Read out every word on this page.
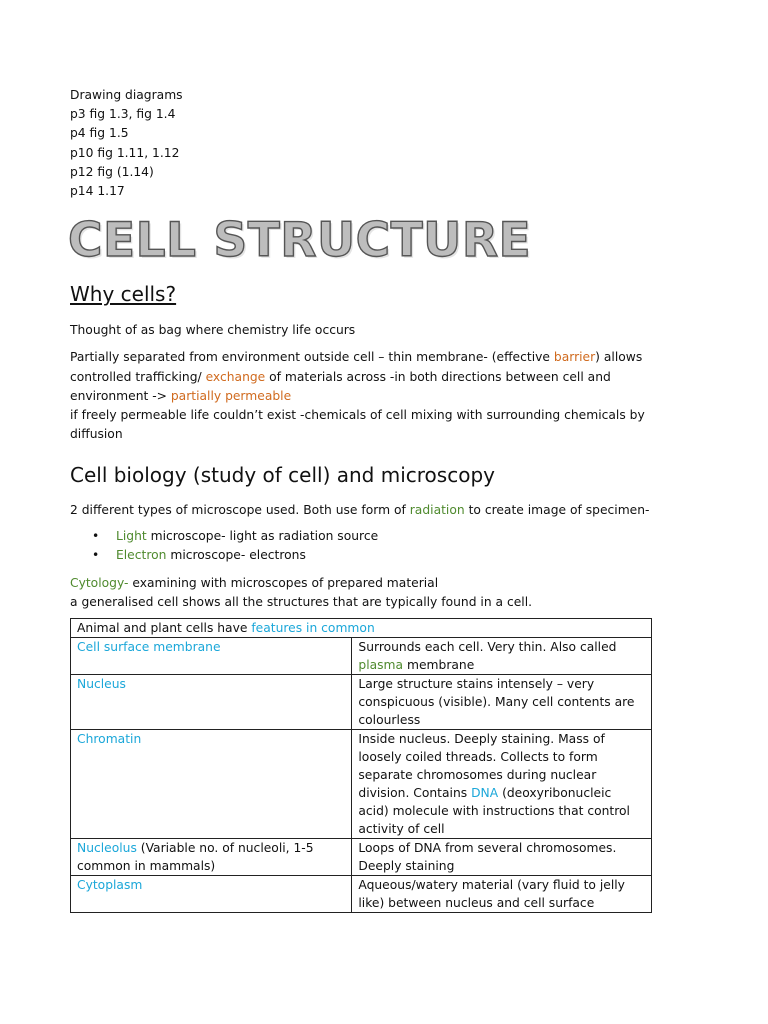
Drawing diagrams
p3 fig 1.3, fig 1.4
p4 fig 1.5
p10 fig 1.11, 1.12
p12 fig (1.14)
p14 1.17
CELL STRUCTURE
Why cells?

Thought of as bag where chemistry life occurs

Partially separated from environment outside cell – thin membrane- (effective barrier) allows controlled trafficking/ exchange of materials across -in both directions between cell and environment -> partially permeable

if freely permeable life couldn’t exist -chemicals of cell mixing with surrounding chemicals by diffusion

Cell biology (study of cell) and microscopy

2 different types of microscope used. Both use form of radiation to create image of specimen-

• Light microscope- light as radiation source
• Electron microscope- electrons
Cytology- examining with microscopes of prepared material
a generalised cell shows all the structures that are typically found in a cell.
Animal and plant cells have features in common	
Cell surface membrane	Surrounds each cell. Very thin. Also called plasma membrane
Nucleus	Large structure stains intensely – very conspicuous (visible). Many cell contents are colourless
Chromatin	Inside nucleus. Deeply staining. Mass of loosely coiled threads. Collects to form separate chromosomes during nuclear division. Contains DNA (deoxyribonucleic acid) molecule with instructions that control activity of cell
Nucleolus (Variable no. of nucleoli, 1-5 common in mammals)	Loops of DNA from several chromosomes. Deeply staining
Cytoplasm	Aqueous/watery material (vary fluid to jelly like) between nucleus and cell surface
